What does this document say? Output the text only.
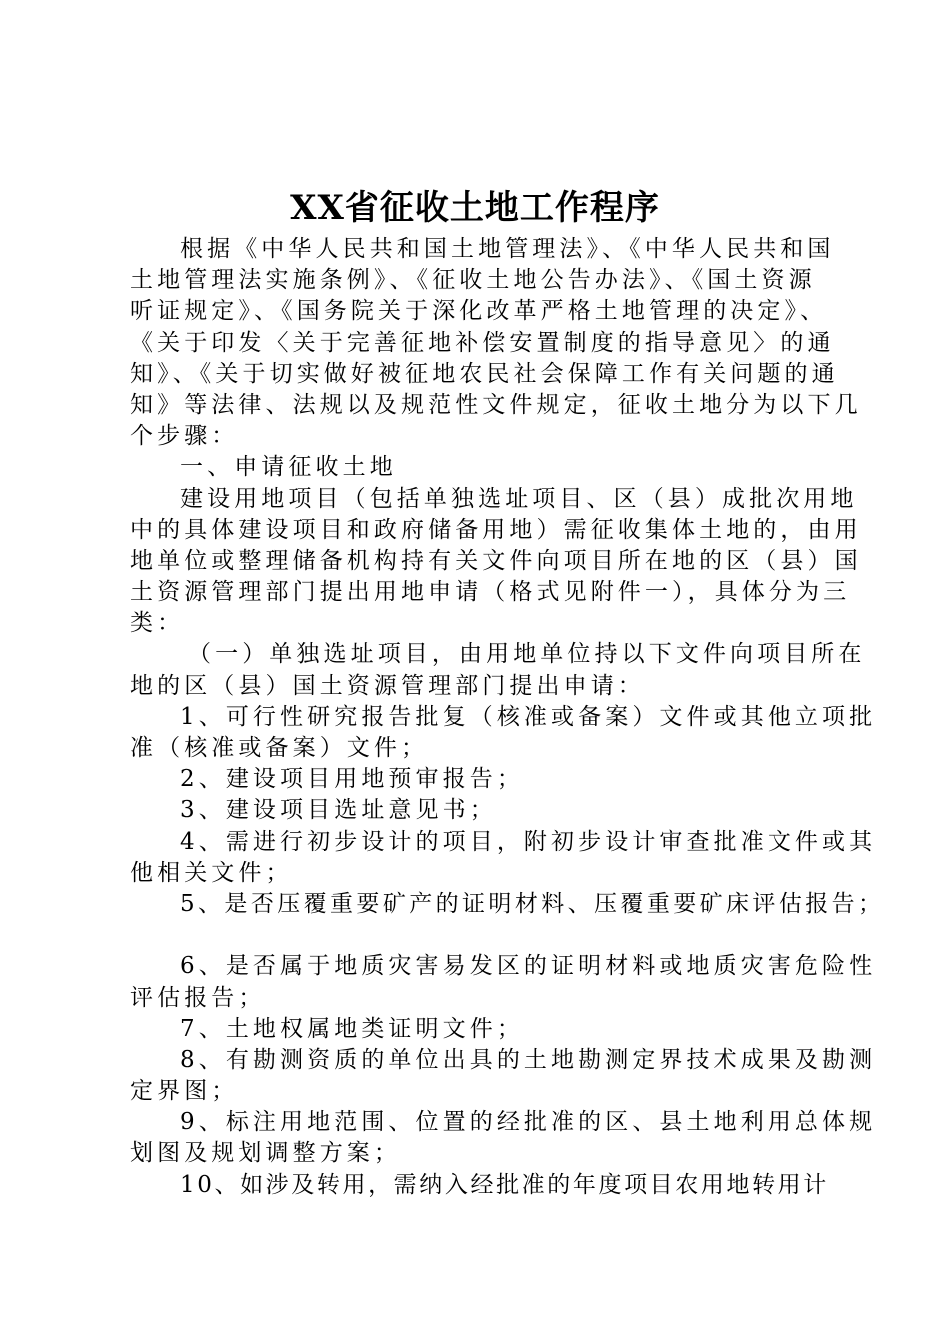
XX省征收土地工作程序
根据《中华人民共和国土地管理法》、《中华人民共和国
土地管理法实施条例》、《征收土地公告办法》、《国土资源
听证规定》、《国务院关于深化改革严格土地管理的决定》、
《关于印发〈关于完善征地补偿安置制度的指导意见〉的通
知》、《关于切实做好被征地农民社会保障工作有关问题的通
知》等法律、法规以及规范性文件规定，征收土地分为以下几
个步骤：
一、申请征收土地
建设用地项目（包括单独选址项目、区（县）成批次用地
中的具体建设项目和政府储备用地）需征收集体土地的，由用
地单位或整理储备机构持有关文件向项目所在地的区（县）国
土资源管理部门提出用地申请（格式见附件一），具体分为三
类：
（一）单独选址项目，由用地单位持以下文件向项目所在
地的区（县）国土资源管理部门提出申请：
1、可行性研究报告批复（核准或备案）文件或其他立项批
准（核准或备案）文件；
2、建设项目用地预审报告；
3、建设项目选址意见书；
4、需进行初步设计的项目，附初步设计审查批准文件或其
他相关文件；
5、是否压覆重要矿产的证明材料、压覆重要矿床评估报告；
6、是否属于地质灾害易发区的证明材料或地质灾害危险性
评估报告；
7、土地权属地类证明文件；
8、有勘测资质的单位出具的土地勘测定界技术成果及勘测
定界图；
9、标注用地范围、位置的经批准的区、县土地利用总体规
划图及规划调整方案；
10、如涉及转用，需纳入经批准的年度项目农用地转用计
